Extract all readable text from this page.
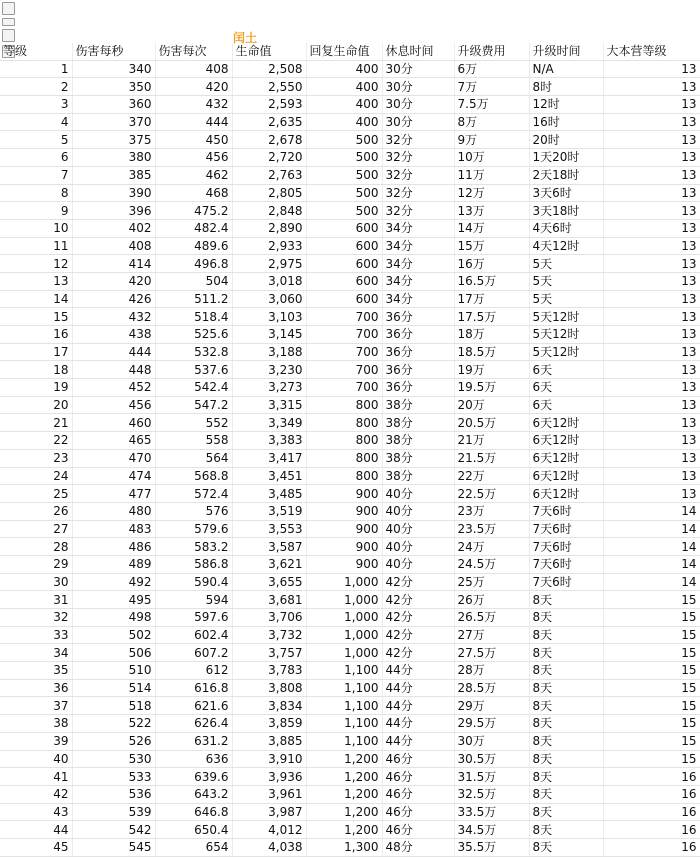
闰土
等级	伤害每秒	伤害每次	生命值	回复生命值	休息时间	升级费用	升级时间	大本营等级
1	340	408	2,508	400	30分	6万	N/A	13
2	350	420	2,550	400	30分	7万	8时	13
3	360	432	2,593	400	30分	7.5万	12时	13
4	370	444	2,635	400	30分	8万	16时	13
5	375	450	2,678	500	32分	9万	20时	13
6	380	456	2,720	500	32分	10万	1天20时	13
7	385	462	2,763	500	32分	11万	2天18时	13
8	390	468	2,805	500	32分	12万	3天6时	13
9	396	475.2	2,848	500	32分	13万	3天18时	13
10	402	482.4	2,890	600	34分	14万	4天6时	13
11	408	489.6	2,933	600	34分	15万	4天12时	13
12	414	496.8	2,975	600	34分	16万	5天	13
13	420	504	3,018	600	34分	16.5万	5天	13
14	426	511.2	3,060	600	34分	17万	5天	13
15	432	518.4	3,103	700	36分	17.5万	5天12时	13
16	438	525.6	3,145	700	36分	18万	5天12时	13
17	444	532.8	3,188	700	36分	18.5万	5天12时	13
18	448	537.6	3,230	700	36分	19万	6天	13
19	452	542.4	3,273	700	36分	19.5万	6天	13
20	456	547.2	3,315	800	38分	20万	6天	13
21	460	552	3,349	800	38分	20.5万	6天12时	13
22	465	558	3,383	800	38分	21万	6天12时	13
23	470	564	3,417	800	38分	21.5万	6天12时	13
24	474	568.8	3,451	800	38分	22万	6天12时	13
25	477	572.4	3,485	900	40分	22.5万	6天12时	13
26	480	576	3,519	900	40分	23万	7天6时	14
27	483	579.6	3,553	900	40分	23.5万	7天6时	14
28	486	583.2	3,587	900	40分	24万	7天6时	14
29	489	586.8	3,621	900	40分	24.5万	7天6时	14
30	492	590.4	3,655	1,000	42分	25万	7天6时	14
31	495	594	3,681	1,000	42分	26万	8天	15
32	498	597.6	3,706	1,000	42分	26.5万	8天	15
33	502	602.4	3,732	1,000	42分	27万	8天	15
34	506	607.2	3,757	1,000	42分	27.5万	8天	15
35	510	612	3,783	1,100	44分	28万	8天	15
36	514	616.8	3,808	1,100	44分	28.5万	8天	15
37	518	621.6	3,834	1,100	44分	29万	8天	15
38	522	626.4	3,859	1,100	44分	29.5万	8天	15
39	526	631.2	3,885	1,100	44分	30万	8天	15
40	530	636	3,910	1,200	46分	30.5万	8天	15
41	533	639.6	3,936	1,200	46分	31.5万	8天	16
42	536	643.2	3,961	1,200	46分	32.5万	8天	16
43	539	646.8	3,987	1,200	46分	33.5万	8天	16
44	542	650.4	4,012	1,200	46分	34.5万	8天	16
45	545	654	4,038	1,300	48分	35.5万	8天	16
